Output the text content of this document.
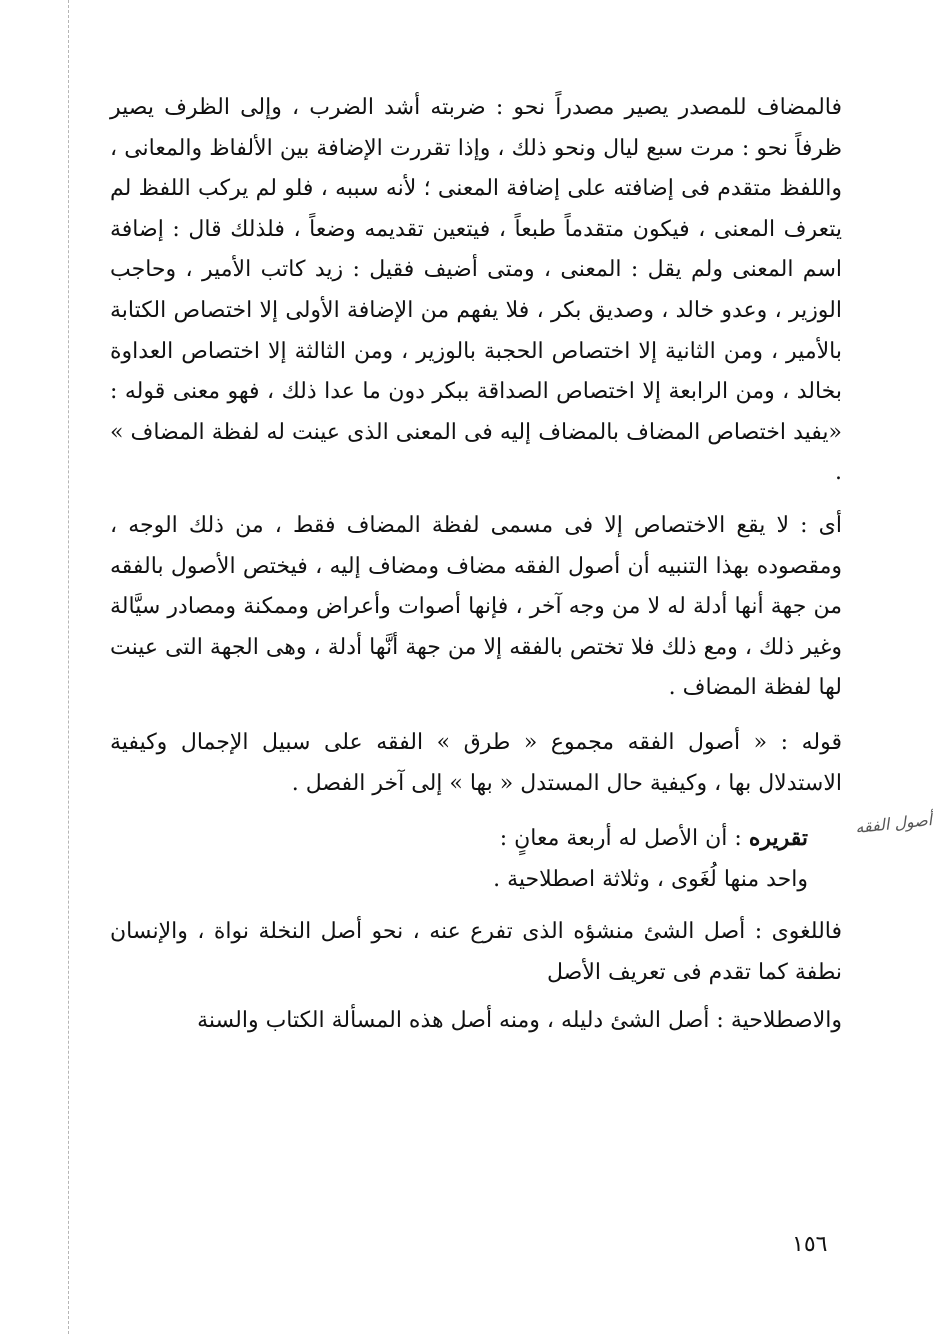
فالمضاف للمصدر يصير مصدراً نحو : ضربته أشد الضرب ، وإلى الظرف يصير ظرفاً نحو : مرت سبع ليال ونحو ذلك ، وإذا تقررت الإضافة بين الألفاظ والمعانى ، واللفظ متقدم فى إضافته على إضافة المعنى ؛ لأنه سببه ، فلو لم يركب اللفظ لم يتعرف المعنى ، فيكون متقدماً طبعاً ، فيتعين تقديمه وضعاً ، فلذلك قال : إضافة اسم المعنى ولم يقل : المعنى ، ومتى أضيف فقيل : زيد كاتب الأمير ، وحاجب الوزير ، وعدو خالد ، وصديق بكر ، فلا يفهم من الإضافة الأولى إلا اختصاص الكتابة بالأمير ، ومن الثانية إلا اختصاص الحجبة بالوزير ، ومن الثالثة إلا اختصاص العداوة بخالد ، ومن الرابعة إلا اختصاص الصداقة ببكر دون ما عدا ذلك ، فهو معنى قوله : «يفيد اختصاص المضاف بالمضاف إليه فى المعنى الذى عينت له لفظة المضاف » .

أى : لا يقع الاختصاص إلا فى مسمى لفظة المضاف فقط ، من ذلك الوجه ، ومقصوده بهذا التنبيه أن أصول الفقه مضاف ومضاف إليه ، فيختص الأصول بالفقه من جهة أنها أدلة له لا من وجه آخر ، فإنها أصوات وأعراض وممكنة ومصادر سيَّالة وغير ذلك ، ومع ذلك فلا تختص بالفقه إلا من جهة أنَّها أدلة ، وهى الجهة التى عينت لها لفظة المضاف .

قوله : « أصول الفقه مجموع « طرق » الفقه على سبيل الإجمال وكيفية الاستدلال بها ، وكيفية حال المستدل « بها » إلى آخر الفصل .

تقريره : أن الأصل له أربعة معانٍ :

واحد منها لُغَوى ، وثلاثة اصطلاحية .

فاللغوى : أصل الشئ منشؤه الذى تفرع عنه ، نحو أصل النخلة نواة ، والإنسان نطفة كما تقدم فى تعريف الأصل

والاصطلاحية : أصل الشئ دليله ، ومنه أصل هذه المسألة الكتاب والسنة

أصول الفقه
١٥٦
